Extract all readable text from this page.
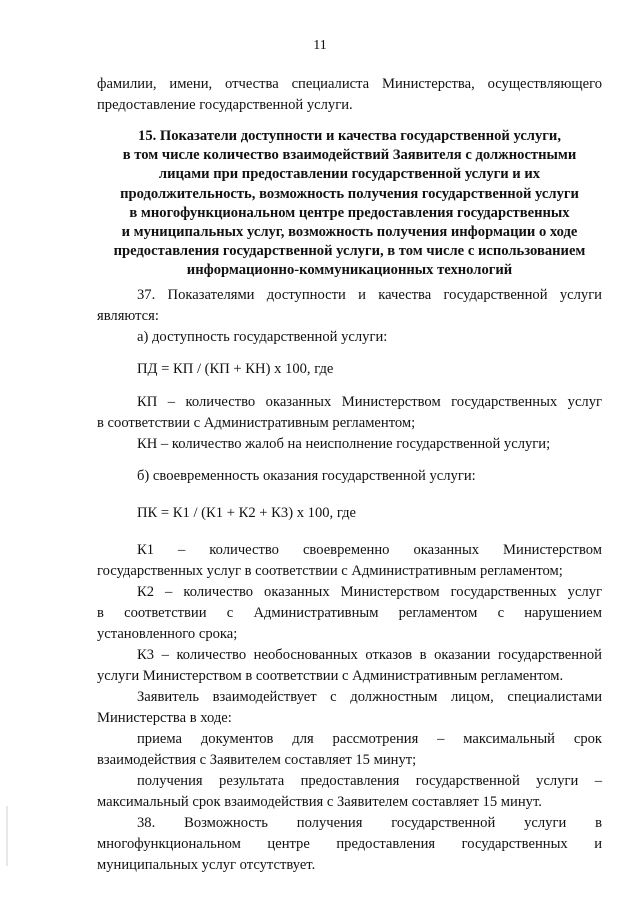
11
фамилии, имени, отчества специалиста Министерства, осуществляющего
предоставление государственной услуги.
15. Показатели доступности и качества государственной услуги,
в том числе количество взаимодействий Заявителя с должностными
лицами при предоставлении государственной услуги и их
продолжительность, возможность получения государственной услуги
в многофункциональном центре предоставления государственных
и муниципальных услуг, возможность получения информации о ходе
предоставления государственной услуги, в том числе с использованием
информационно-коммуникационных технологий
37. Показателями доступности и качества государственной услуги
являются:
а) доступность государственной услуги:
ПД = КП / (КП + КН) х 100, где
КП – количество оказанных Министерством государственных услуг
в соответствии с Административным регламентом;
КН – количество жалоб на неисполнение государственной услуги;
б) своевременность оказания государственной услуги:
ПК = К1 / (К1 + К2 + К3) х 100, где
К1 – количество своевременно оказанных Министерством
государственных услуг в соответствии с Административным регламентом;
К2 – количество оказанных Министерством государственных услуг
в соответствии с Административным регламентом с нарушением
установленного срока;
К3 – количество необоснованных отказов в оказании государственной
услуги Министерством в соответствии с Административным регламентом.
Заявитель взаимодействует с должностным лицом, специалистами
Министерства в ходе:
приема документов для рассмотрения – максимальный срок
взаимодействия с Заявителем составляет 15 минут;
получения результата предоставления государственной услуги –
максимальный срок взаимодействия с Заявителем составляет 15 минут.
38. Возможность получения государственной услуги в
многофункциональном центре предоставления государственных и
муниципальных услуг отсутствует.
